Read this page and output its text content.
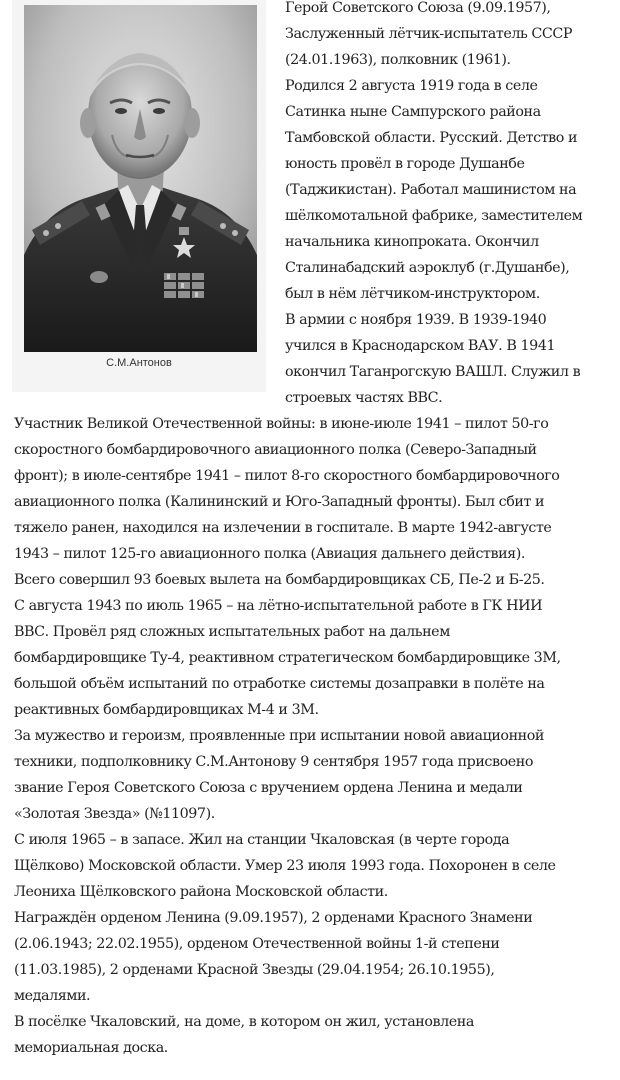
С.М.Антонов
Герой Советского Союза (9.09.1957),
Заслуженный лётчик-испытатель СССР
(24.01.1963), полковник (1961).
Родился 2 августа 1919 года в селе
Сатинка ныне Сампурского района
Тамбовской области. Русский. Детство и
юность провёл в городе Душанбе
(Таджикистан). Работал машинистом на
шёлкомотальной фабрике, заместителем
начальника кинопроката. Окончил
Сталинабадский аэроклуб (г.Душанбе),
был в нём лётчиком-инструктором.
В армии с ноября 1939. В 1939-1940
учился в Краснодарском ВАУ. В 1941
окончил Таганрогскую ВАШЛ. Служил в
строевых частях ВВС.
Участник Великой Отечественной войны: в июне-июле 1941 – пилот 50-го
скоростного бомбардировочного авиационного полка (Северо-Западный
фронт); в июле-сентябре 1941 – пилот 8-го скоростного бомбардировочного
авиационного полка (Калининский и Юго-Западный фронты). Был сбит и
тяжело ранен, находился на излечении в госпитале. В марте 1942-августе
1943 – пилот 125-го авиационного полка (Авиация дальнего действия).
Всего совершил 93 боевых вылета на бомбардировщиках СБ, Пе-2 и Б-25.
С августа 1943 по июль 1965 – на лётно-испытательной работе в ГК НИИ
ВВС. Провёл ряд сложных испытательных работ на дальнем
бомбардировщике Ту-4, реактивном стратегическом бомбардировщике 3М,
большой объём испытаний по отработке системы дозаправки в полёте на
реактивных бомбардировщиках М-4 и 3М.
За мужество и героизм, проявленные при испытании новой авиационной
техники, подполковнику С.М.Антонову 9 сентября 1957 года присвоено
звание Героя Советского Союза с вручением ордена Ленина и медали
«Золотая Звезда» (№11097).
С июля 1965 – в запасе. Жил на станции Чкаловская (в черте города
Щёлково) Московской области. Умер 23 июля 1993 года. Похоронен в селе
Леониха Щёлковского района Московской области.
Награждён орденом Ленина (9.09.1957), 2 орденами Красного Знамени
(2.06.1943; 22.02.1955), орденом Отечественной войны 1-й степени
(11.03.1985), 2 орденами Красной Звезды (29.04.1954; 26.10.1955),
медалями.
В посёлке Чкаловский, на доме, в котором он жил, установлена
мемориальная доска.
